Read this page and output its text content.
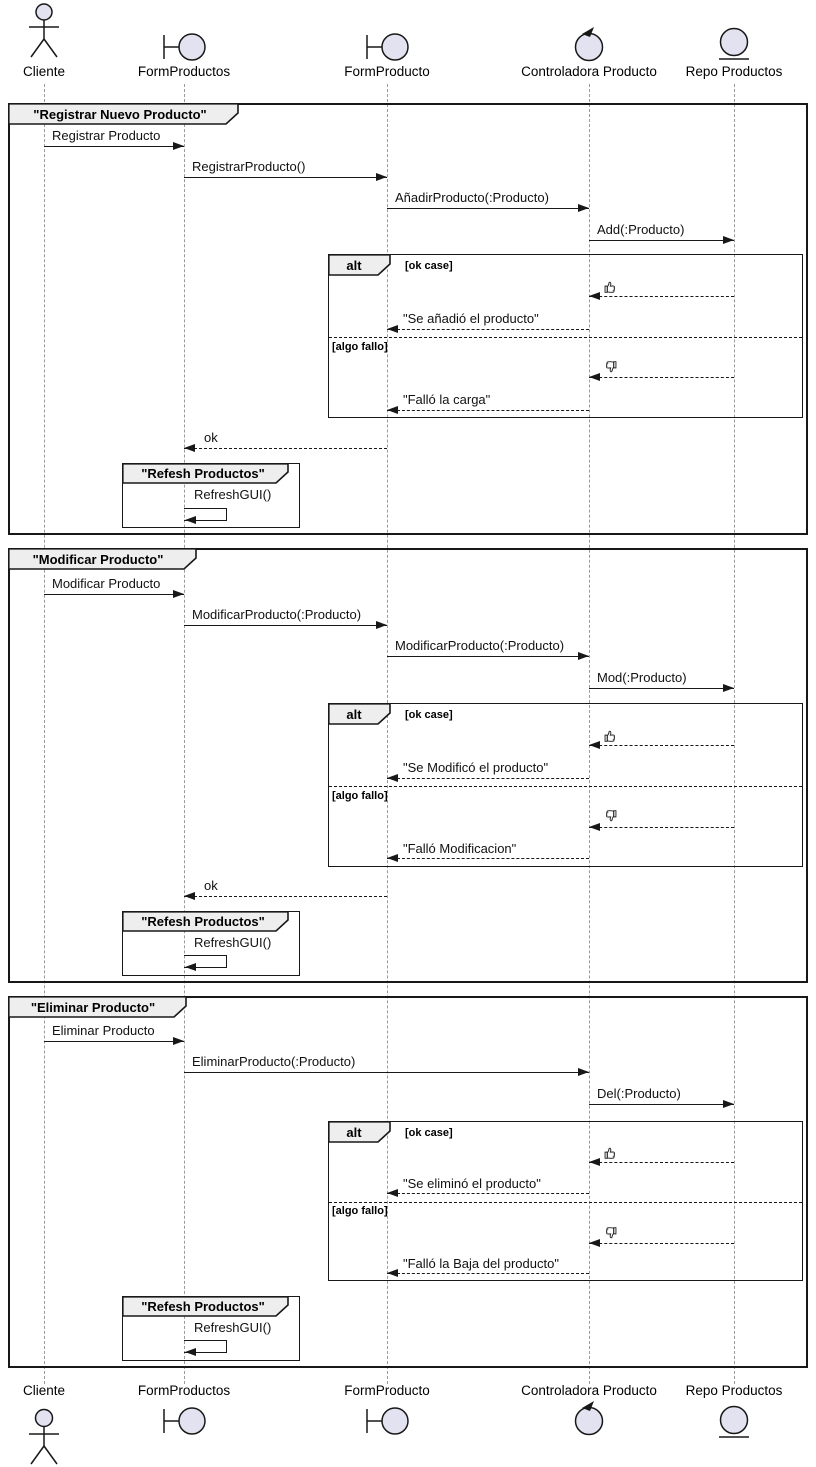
Cliente	FormProductos	FormProducto	Controladora Producto	Repo Productos
"Registrar Nuevo Producto"
Registrar Producto
RegistrarProducto()
AñadirProducto(:Producto)
Add(:Producto)
alt	[ok case]
"Se añadió el producto"
[algo fallo]
"Falló la carga"
ok
"Refesh Productos"
RefreshGUI()
"Modificar Producto"
Modificar Producto
ModificarProducto(:Producto)
ModificarProducto(:Producto)
Mod(:Producto)
alt	[ok case]
"Se Modificó el producto"
[algo fallo]
"Falló Modificacion"
ok
"Refesh Productos"
RefreshGUI()
"Eliminar Producto"
Eliminar Producto
EliminarProducto(:Producto)
Del(:Producto)
alt	[ok case]
"Se eliminó el producto"
[algo fallo]
"Falló la Baja del producto"
"Refesh Productos"
RefreshGUI()
Cliente	FormProductos	FormProducto	Controladora Producto	Repo Productos
